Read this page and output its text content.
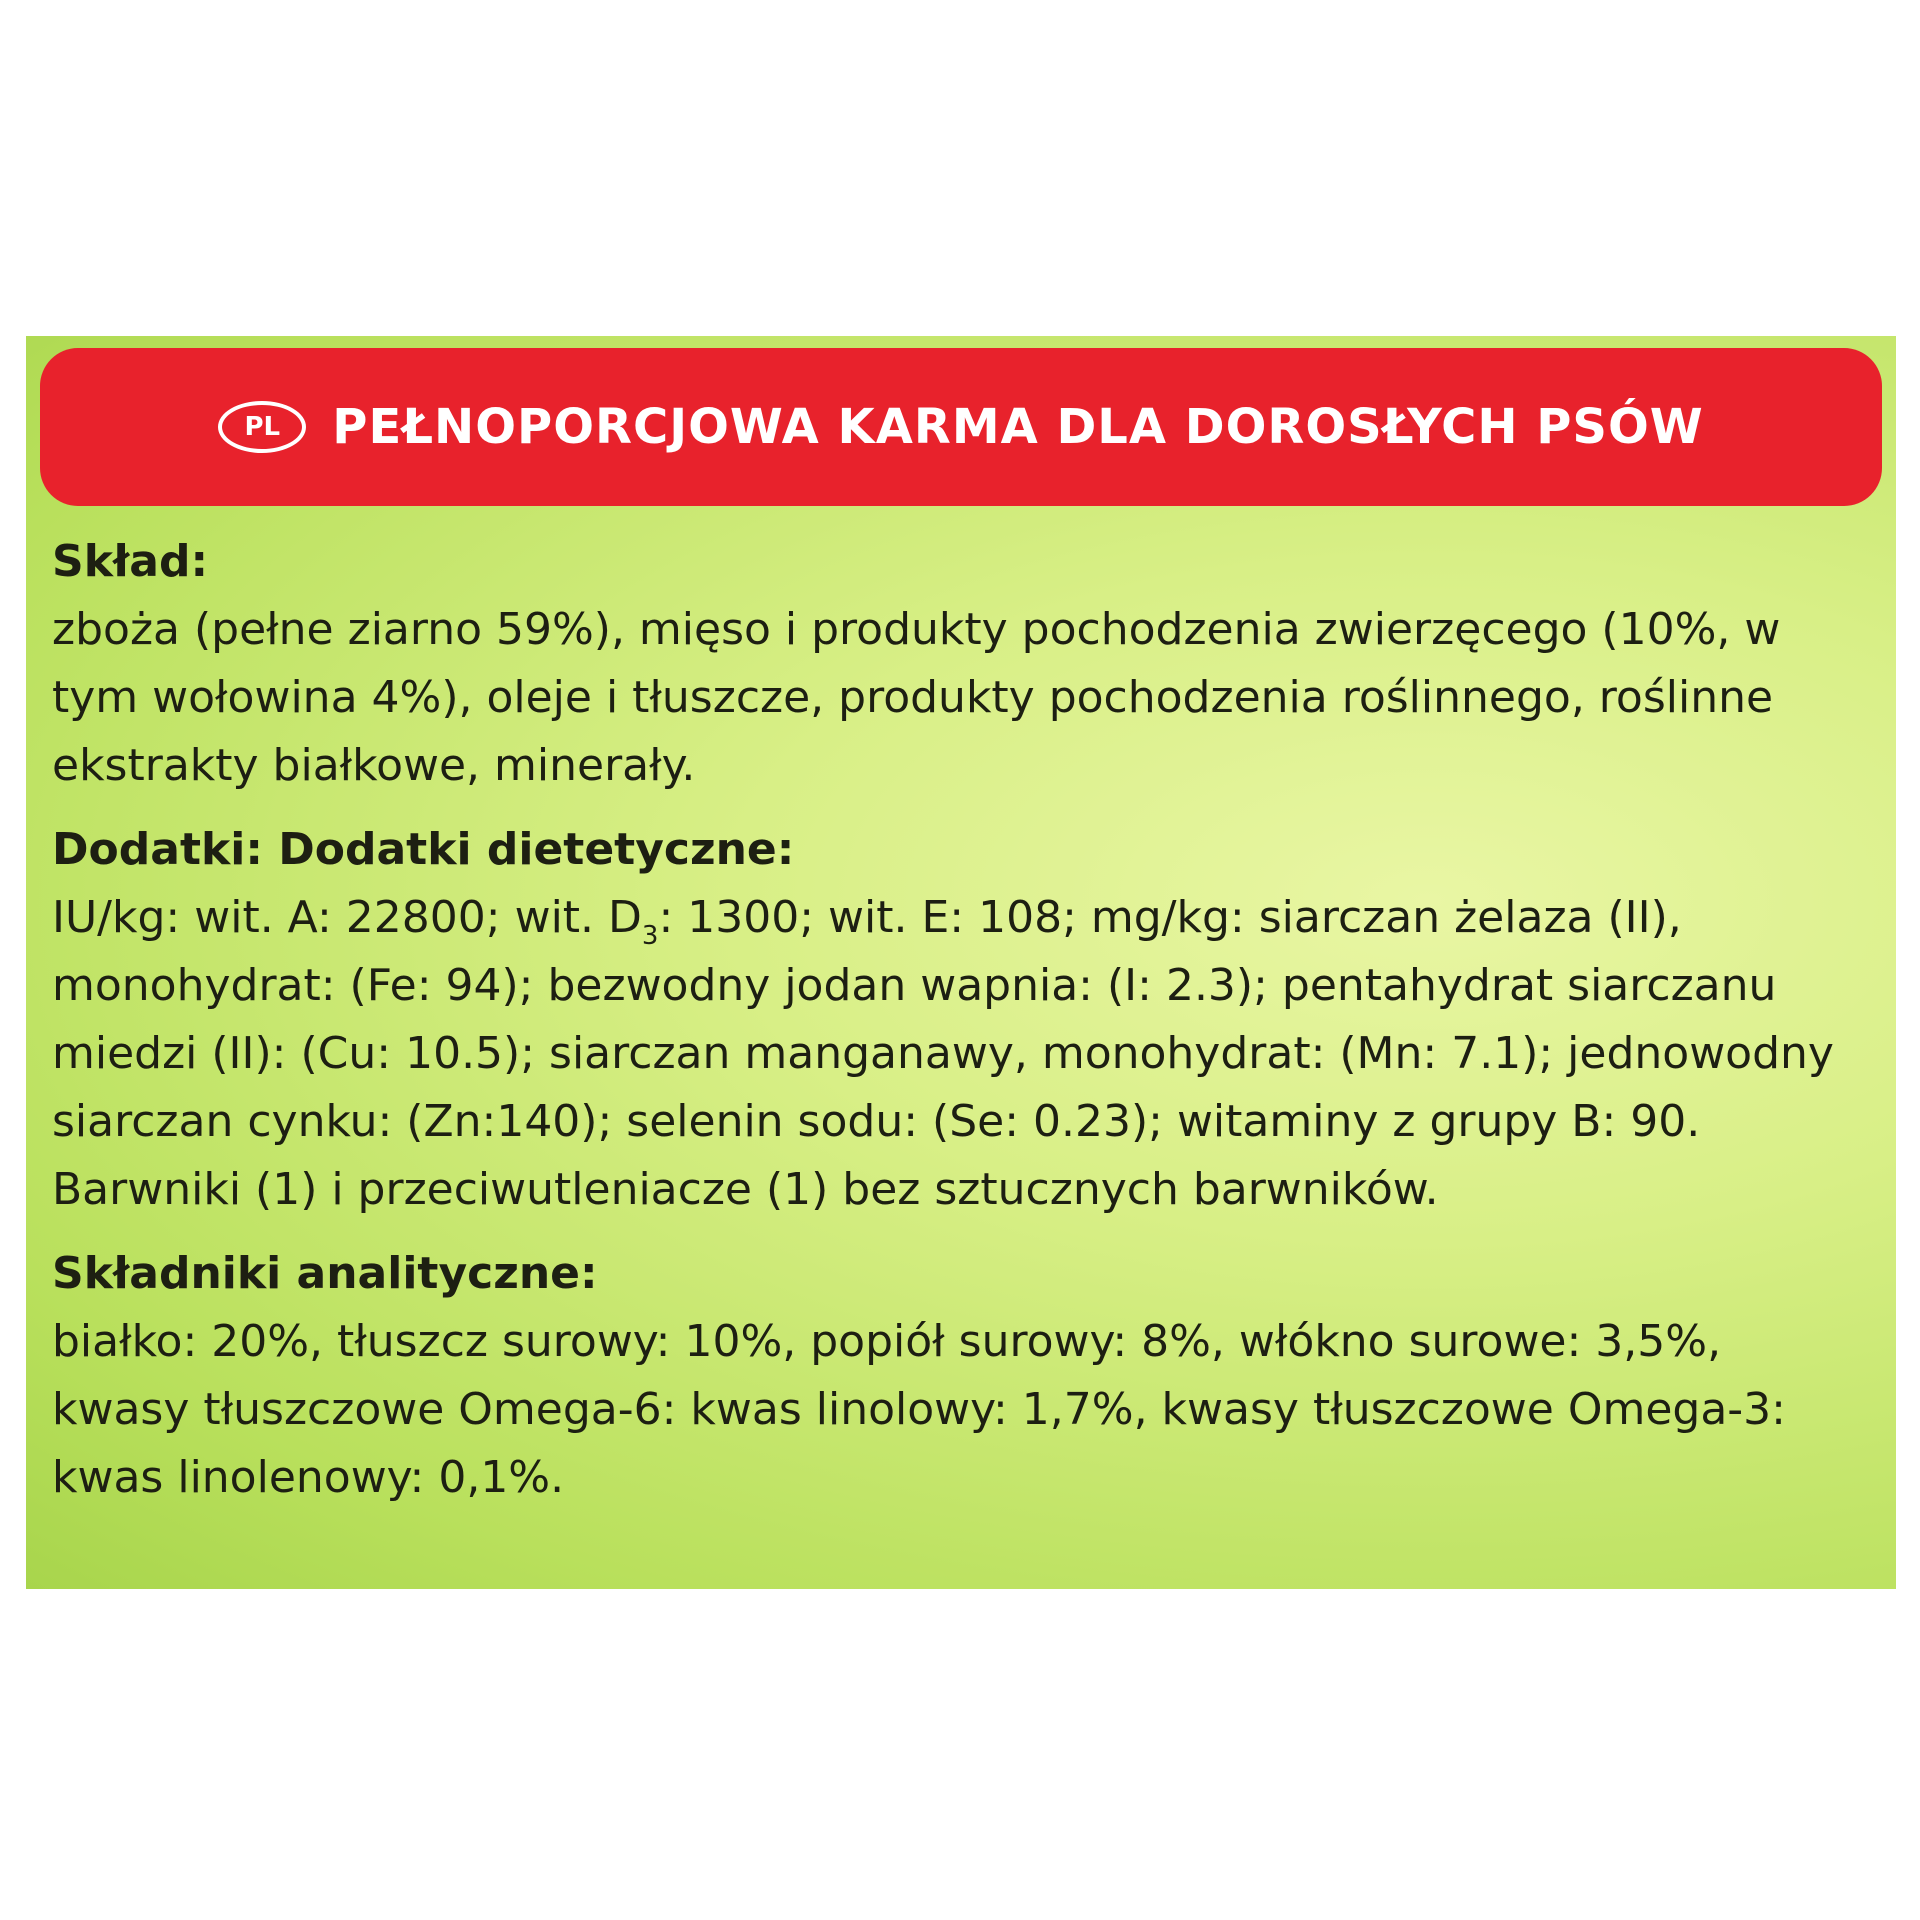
PL	PEŁNOPORCJOWA KARMA DLA DOROSŁYCH PSÓW
Skład:
zboża (pełne ziarno 59%), mięso i produkty pochodzenia zwierzęcego (10%, w tym wołowina 4%), oleje i tłuszcze, produkty pochodzenia roślinnego, roślinne ekstrakty białkowe, minerały.
Dodatki: Dodatki dietetyczne:
IU/kg: wit. A: 22800; wit. $D_3$: 1300; wit. E: 108; mg/kg: siarczan żelaza (II), monohydrat: (Fe: 94); bezwodny jodan wapnia: (I: 2.3); pentahydrat siarczanu miedzi (II): (Cu: 10.5); siarczan manganawy, monohydrat: (Mn: 7.1); jednowodny siarczan cynku: (Zn:140); selenin sodu: (Se: 0.23); witaminy z grupy B: 90. Barwniki (1) i przeciwutleniacze (1) bez sztucznych barwników.
Składniki analityczne:
białko: 20%, tłuszcz surowy: 10%, popiół surowy: 8%, włókno surowe: 3,5%, kwasy tłuszczowe Omega-6: kwas linolowy: 1,7%, kwasy tłuszczowe Omega-3: kwas linolenowy: 0,1%.
